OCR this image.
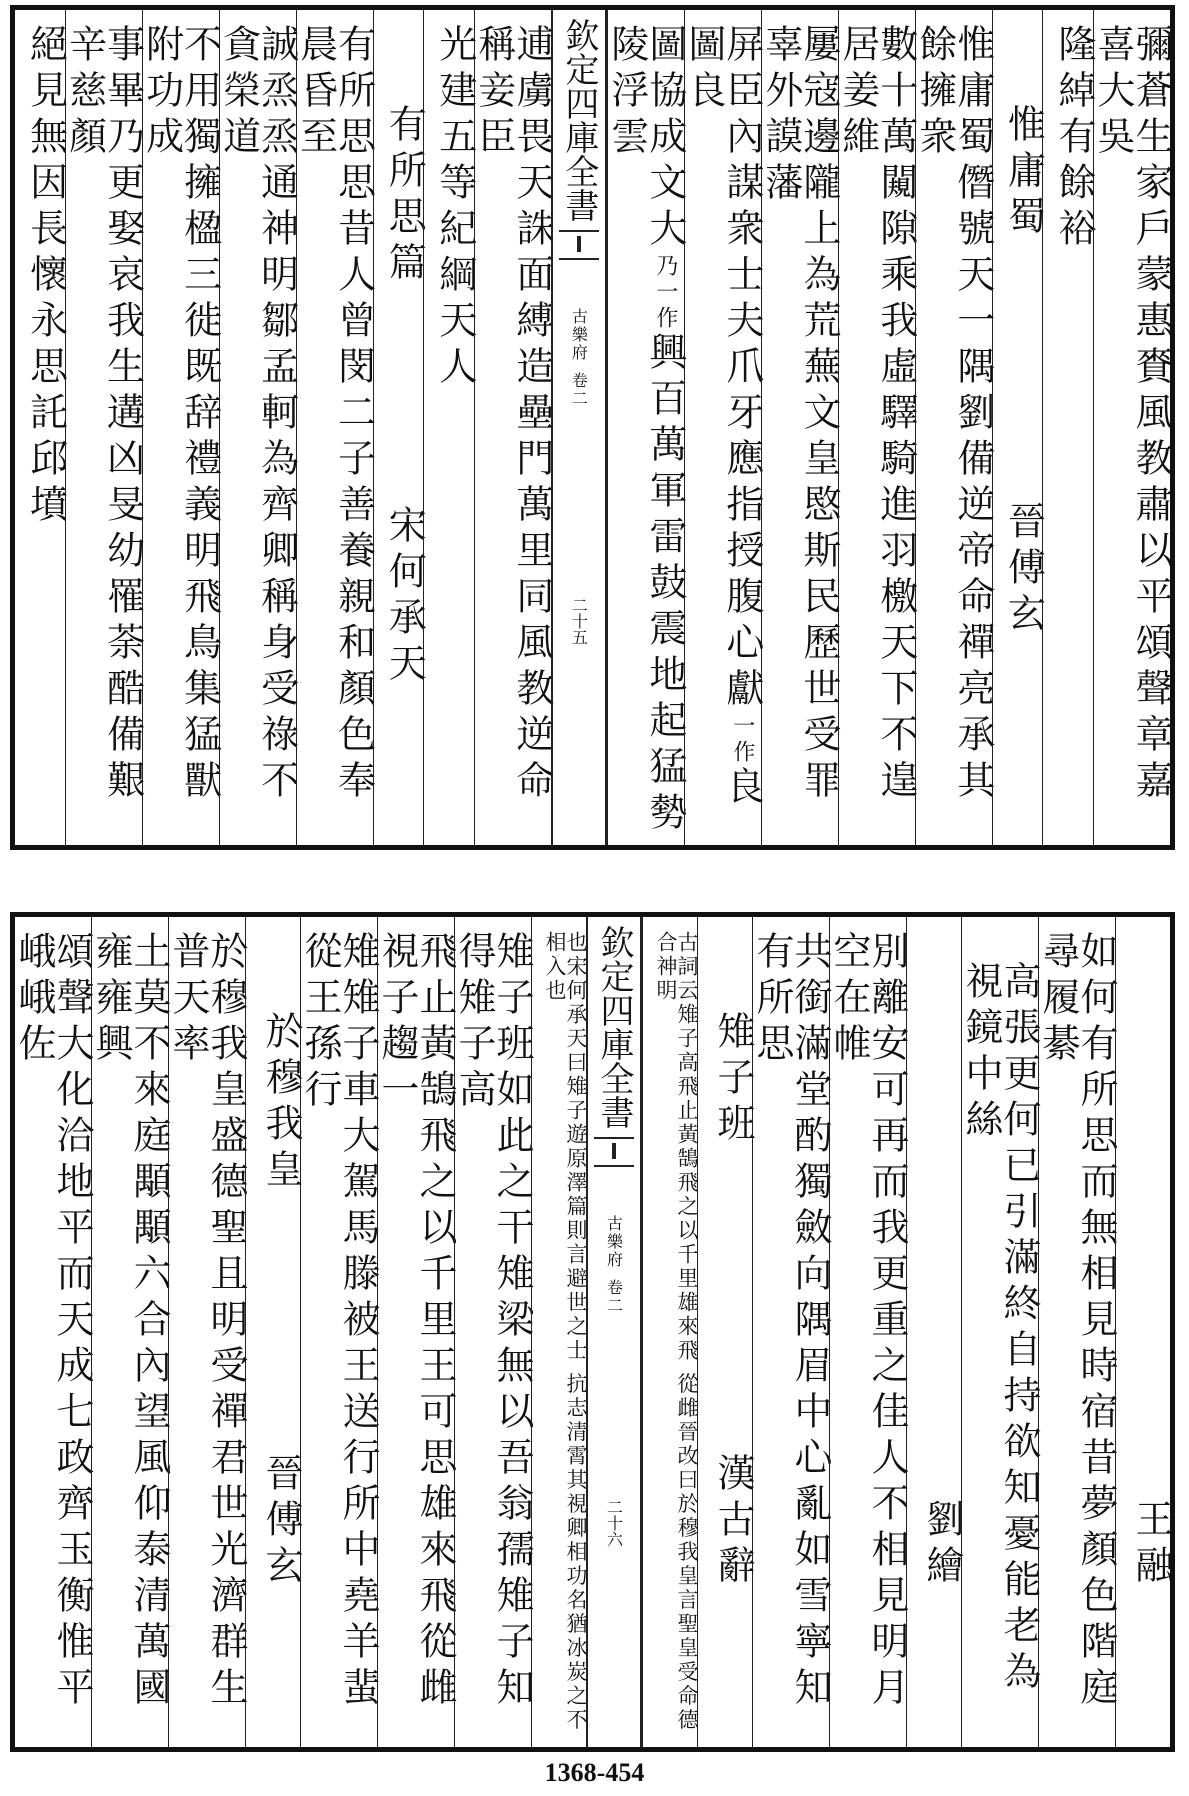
彌蒼生家戶蒙惠賚風教肅以平頌聲章嘉喜大吳
隆綽有餘裕
惟庸蜀
晉傅玄
惟庸蜀僭號天一隅劉備逆帝命禪亮承其餘擁衆
數十萬闚隙乘我虛驛騎進羽檄天下不遑居姜維
屢寇邊隴上為荒蕪文皇愍斯民歷世受罪辜外謨藩
屏臣內謀衆士夫爪牙應指授腹心獻一作良圖良
圖協成文大乃一作興百萬軍雷鼓震地起猛勢陵浮雲
欽定四庫全書
古樂府
卷二
二十五
逋虜畏天誅面縛造壘門萬里同風教逆命稱妾臣
光建五等紀綱天人
有所思篇
宋何承天
有所思思昔人曾閔二子善養親和顏色奉晨昏至
誠烝烝通神明鄒孟軻為齊卿稱身受祿不貪榮道
不用獨擁楹三徙既辞禮義明飛鳥集猛獸附功成
事畢乃更娶哀我生遘凶旻幼罹荼酷備艱辛慈顏
絕見無因長懷永思託邱墳
王融
如何有所思而無相見時宿昔夢顏色階庭尋履綦
高張更何已引滿終自持欲知憂能老為視鏡中絲
劉繪
別離安可再而我更重之佳人不相見明月空在帷
共銜滿堂酌獨斂向隅眉中心亂如雪寧知有所思
雉子班
漢古辭
古詞云雉子高飛止黃鵠飛之以千里雄來飛 從雌晉改曰於穆我皇言聖皇受命德合神明
欽定四庫全書
古樂府
卷二
二十六
也宋何承天曰雉子遊原澤篇則言避世之士 抗志清霄其視卿相功名猶冰炭之不相入也
雉子班如此之干雉梁無以吾翁孺雉子知得雉子高
飛止黃鵠飛之以千里王可思雄來飛從雌視子趨一
雉雉子車大駕馬滕被王送行所中堯羊蜚從王孫行
於穆我皇
晉傅玄
於穆我皇盛德聖且明受禪君世光濟群生普天率
土莫不來庭顒顒六合內望風仰泰清萬國雍雍興
頌聲大化洽地平而天成七政齊玉衡惟平峨峨佐
1368-454
